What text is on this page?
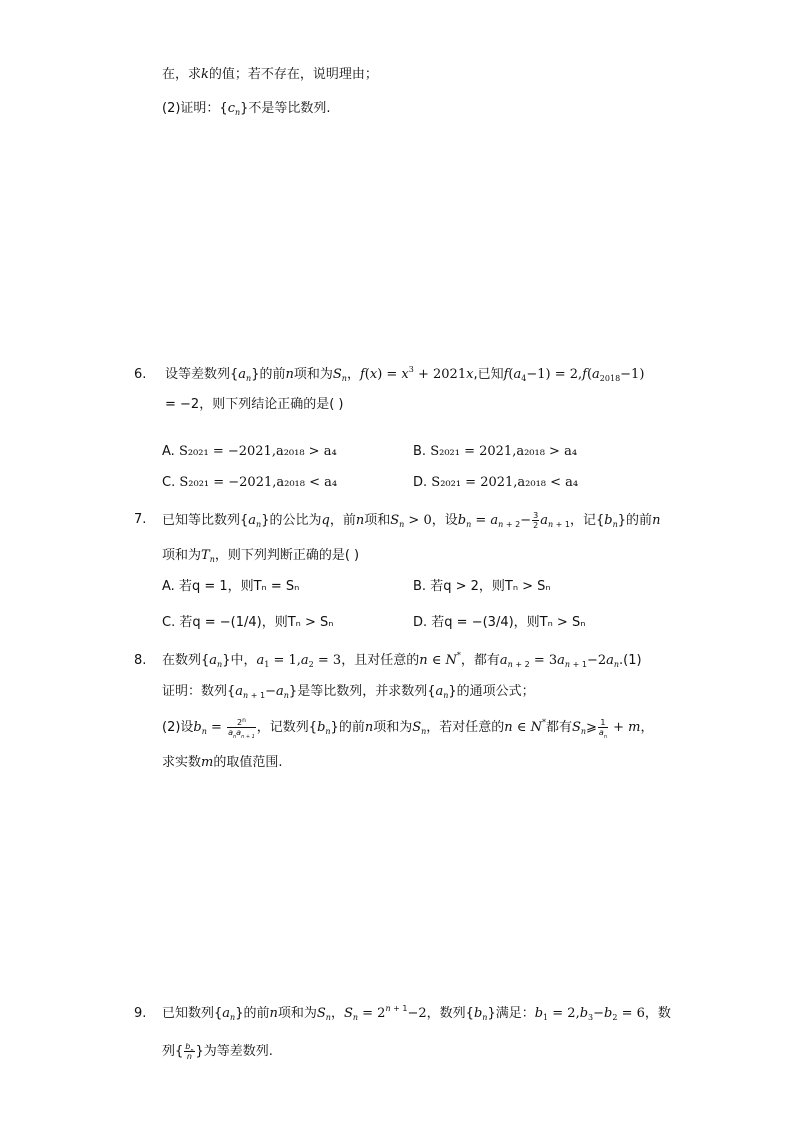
在，求k的值；若不存在，说明理由；
(2)证明：$\{c_n\}$不是等比数列.
6. 设等差数列$\{a_n\}$的前n项和为$S_n$，$f(x) = x^3 + 2021x$,已知$f(a_4-1) = 2,f(a_{2018}-1)$
= −2，则下列结论正确的是( )
A. S₂₀₂₁ = −2021,a₂₀₁₈ > a₄	B. S₂₀₂₁ = 2021,a₂₀₁₈ > a₄
C. S₂₀₂₁ = −2021,a₂₀₁₈ < a₄	D. S₂₀₂₁ = 2021,a₂₀₁₈ < a₄
7. 已知等比数列$\{a_n\}$的公比为q，前n项和$S_n > 0$，设$b_n = a_{n + 2}- \frac{3}{2} a_{n + 1}$，记$\{b_n\}$的前n
项和为$T_n$，则下列判断正确的是( )
A. 若q = 1，则Tₙ = Sₙ	B. 若q > 2，则Tₙ > Sₙ
C. 若q = −(1/4)，则Tₙ > Sₙ	D. 若q = −(3/4)，则Tₙ > Sₙ
8. 在数列$\{a_n\}$中，$a_1 = 1,a_2 = 3$，且对任意的n ∈ N*，都有$a_{n + 2} = 3a_{n + 1}-2a_n.(1)$
证明：数列$\{a_{n + 1}-a_n\}$是等比数列，并求数列$\{a_n\}$的通项公式；
(2)设$b_n = \frac{2^n}{a_na_{n + 1}}$ ，记数列$\{b_n\}$的前n项和为$S_n$，若对任意的n ∈ N*都有$S_n⩾ \frac{1}{a_n} + m$，
求实数m的取值范围.
9. 已知数列$\{a_n\}$的前n项和为$S_n$，$S_n = 2^{n + 1}-2$，数列$\{b_n\}$满足：$b_1 = 2,b_3-b_2 = 6$，数
列{ $\frac{b_n}{n}$ }为等差数列.
